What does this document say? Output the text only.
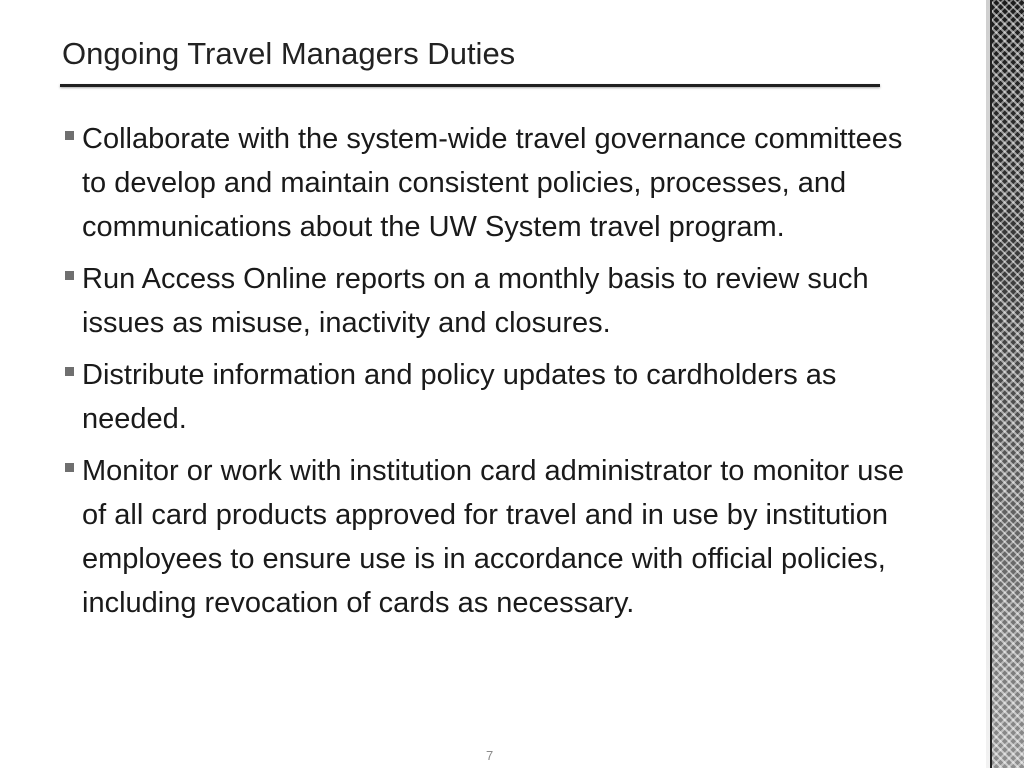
Ongoing Travel Managers Duties
Collaborate with the system-wide travel governance committees to develop and maintain consistent policies, processes, and communications about the UW System travel program.
Run Access Online reports on a monthly basis to review such issues as misuse, inactivity and closures.
Distribute information and policy updates to cardholders as needed.
Monitor or work with institution card administrator to monitor use of all card products approved for travel and in use by institution employees to ensure use is in accordance with official policies, including revocation of cards as necessary.
7
